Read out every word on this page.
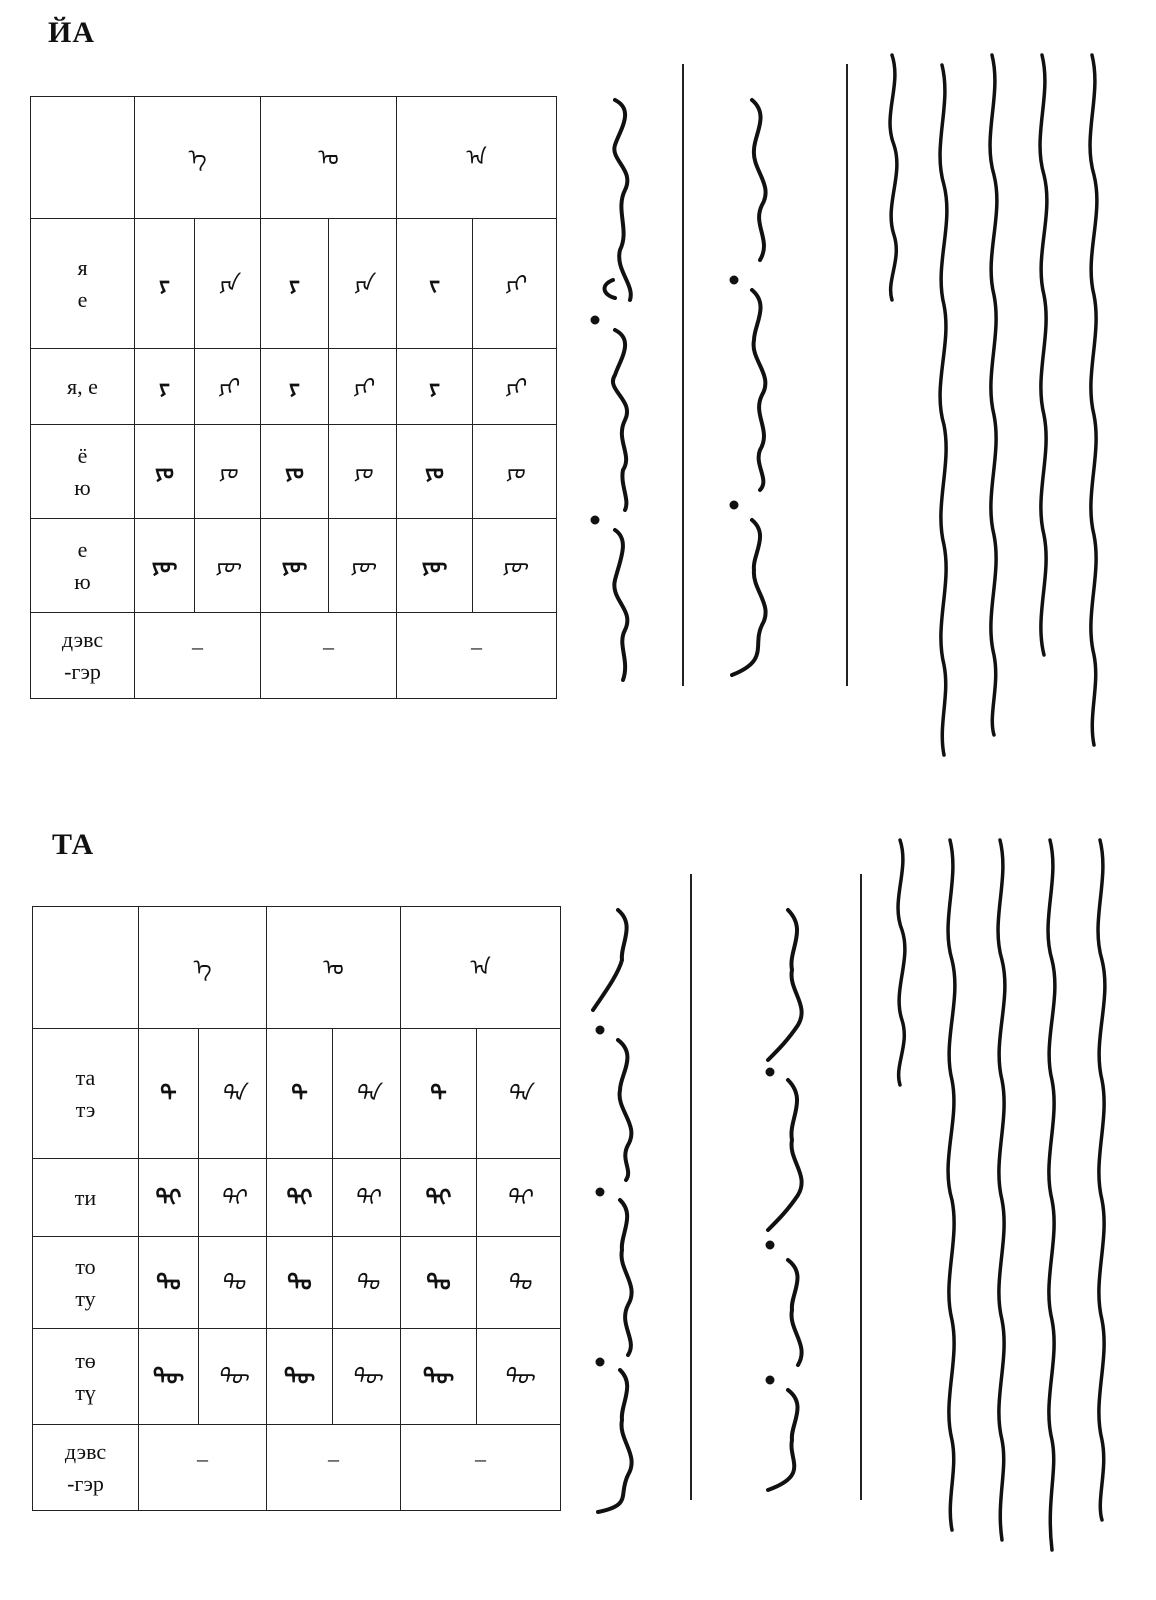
ЙА
	ᠡ		ᠣ		ᠠ	
я
е	ᠶ	ᠶᠠ	ᠶ	ᠶᠡ	ᠶ᠋	ᠶᠢ
я, е	ᠶ	ᠶᠢ	ᠶ	ᠶᠢ	ᠶ	ᠶᠢ
ё
ю	ᠶᠣ	ᠶᠣ	ᠶᠣ	ᠶᠣ	ᠶᠣ	ᠶᠣ
е
ю	ᠶᠥ	ᠶᠥ	ᠶᠥ	ᠶᠥ	ᠶᠥ	ᠶᠥ
дэвс
-гэр	–		–		–	
ТА
	ᠡ		ᠣ		ᠠ	
та
тэ	ᠲ	ᠲᠠ	ᠲ	ᠲᠠ	ᠲ	ᠲᠠ
ти	ᠲᠢ	ᠲᠢ	ᠲᠢ	ᠲᠢ	ᠲᠢ	ᠲᠢ
то
ту	ᠲᠣ	ᠲᠣ	ᠲᠣ	ᠲᠣ	ᠲᠣ	ᠲᠣ
тө
тү	ᠲᠥ	ᠲᠥ	ᠲᠥ	ᠲᠥ	ᠲᠥ	ᠲᠥ
дэвс
-гэр	–		–		–	
